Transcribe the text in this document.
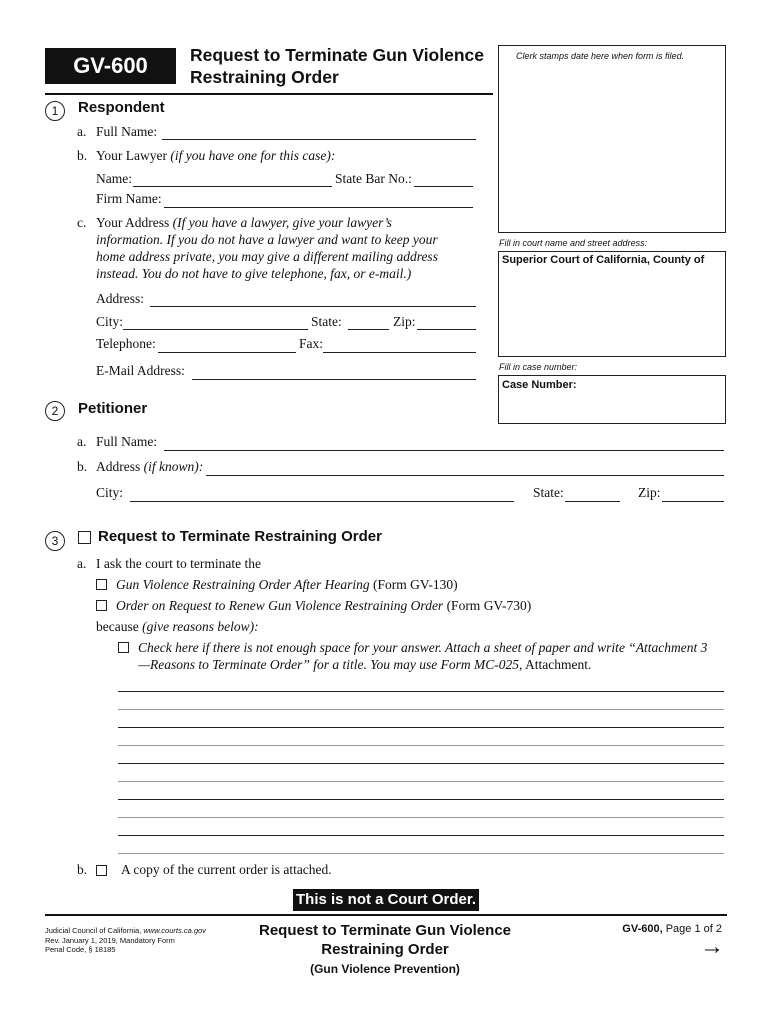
GV-600	Request to Terminate Gun Violence
Restraining Order
Clerk stamps date here when form is filed.
Fill in court name and street address:
Superior Court of California, County of
Fill in case number:
Case Number:
1	Respondent
a. Full Name:
b. Your Lawyer (if you have one for this case):
Name:	State Bar No.:
Firm Name:
c. Your Address (If you have a lawyer, give your lawyer’s
information. If you do not have a lawyer and want to keep your
home address private, you may give a different mailing address
instead. You do not have to give telephone, fax, or e-mail.)
Address:
City:	State:	Zip:
Telephone:	Fax:
E-Mail Address:
2	Petitioner
a. Full Name:
b. Address (if known):
City:	State:	Zip:
3	Request to Terminate Restraining Order
a. I ask the court to terminate the
Gun Violence Restraining Order After Hearing (Form GV-130)
Order on Request to Renew Gun Violence Restraining Order (Form GV-730)
because (give reasons below):
Check here if there is not enough space for your answer. Attach a sheet of paper and write “Attachment 3
—Reasons to Terminate Order” for a title. You may use Form MC-025, Attachment.
b.	A copy of the current order is attached.
This is not a Court Order.
Judicial Council of California, www.courts.ca.gov
Rev. January 1, 2019, Mandatory Form
Penal Code, § 18185
Request to Terminate Gun Violence
Restraining Order
(Gun Violence Prevention)
GV-600, Page 1 of 2
→
